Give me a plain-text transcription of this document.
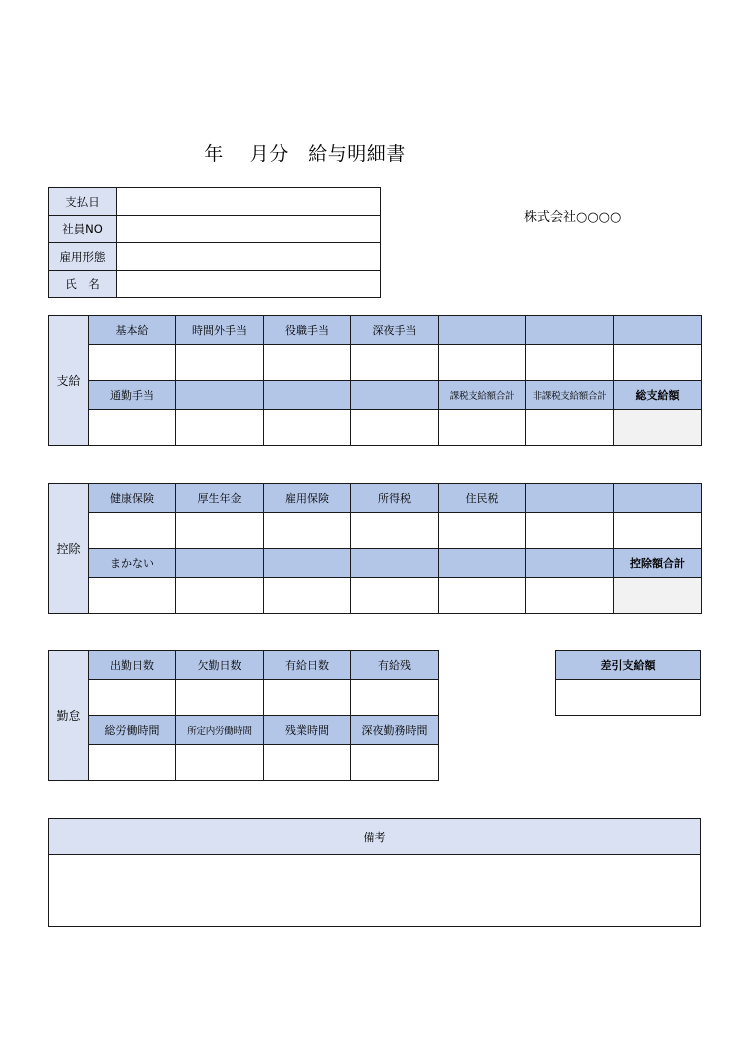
年　 月分　給与明細書
株式会社○○○○
支払日	
社員NO	
雇用形態	
氏　名	
支給	基本給	時間外手当	役職手当	深夜手当			

	通勤手当				課税支給額合計	非課税支給額合計	総支給額

控除	健康保険	厚生年金	雇用保険	所得税	住民税		

	まかない						控除額合計

勤怠	出勤日数	欠勤日数	有給日数	有給残

	総労働時間	所定内労働時間	残業時間	深夜勤務時間

差引支給額

備考
